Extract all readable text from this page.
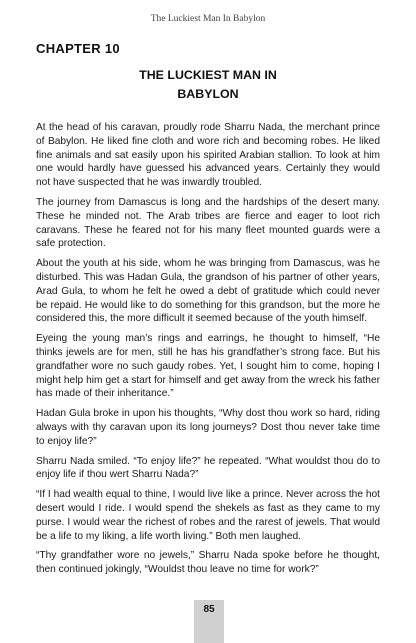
The Luckiest Man In Babylon
CHAPTER 10
THE LUCKIEST MAN IN
BABYLON

At the head of his caravan, proudly rode Sharru Nada, the merchant prince of Babylon. He liked fine cloth and wore rich and becoming robes. He liked fine animals and sat easily upon his spirited Arabian stallion. To look at him one would hardly have guessed his advanced years. Certainly they would not have suspected that he was inwardly troubled.

The journey from Damascus is long and the hardships of the desert many. These he minded not. The Arab tribes are fierce and eager to loot rich caravans. These he feared not for his many fleet mounted guards were a safe protection.

About the youth at his side, whom he was bringing from Damascus, was he disturbed. This was Hadan Gula, the grandson of his partner of other years, Arad Gula, to whom he felt he owed a debt of gratitude which could never be repaid. He would like to do something for this grandson, but the more he considered this, the more difficult it seemed because of the youth himself.

Eyeing the young man’s rings and earrings, he thought to himself, “He thinks jewels are for men, still he has his grandfather’s strong face. But his grandfather wore no such gaudy robes. Yet, I sought him to come, hoping I might help him get a start for himself and get away from the wreck his father has made of their inheritance.”

Hadan Gula broke in upon his thoughts, “Why dost thou work so hard, riding always with thy caravan upon its long journeys? Dost thou never take time to enjoy life?”

Sharru Nada smiled. “To enjoy life?” he repeated. “What wouldst thou do to enjoy life if thou wert Sharru Nada?”

“If I had wealth equal to thine, I would live like a prince. Never across the hot desert would I ride. I would spend the shekels as fast as they came to my purse. I would wear the richest of robes and the rarest of jewels. That would be a life to my liking, a life worth living.” Both men laughed.

“Thy grandfather wore no jewels,” Sharru Nada spoke before he thought, then continued jokingly, “Wouldst thou leave no time for work?”

85
